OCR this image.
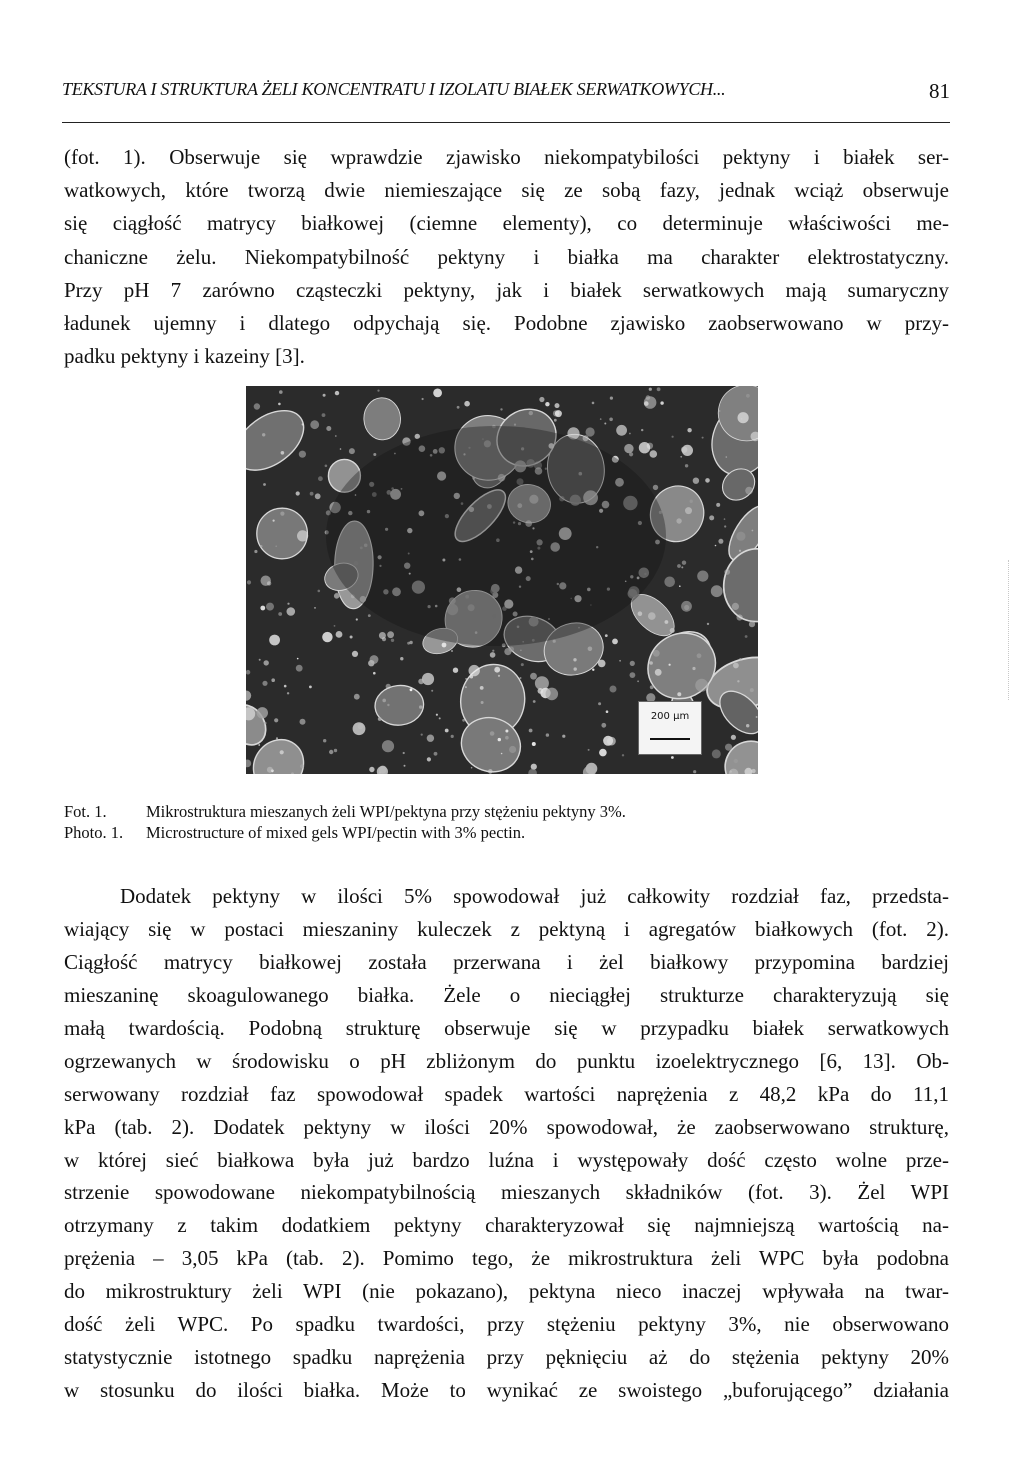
TEKSTURA I STRUKTURA ŻELI KONCENTRATU I IZOLATU BIAŁEK SERWATKOWYCH...	81
(fot. 1). Obserwuje się wprawdzie zjawisko niekompatybilości pektyny i białek ser-
watkowych, które tworzą dwie niemieszające się ze sobą fazy, jednak wciąż obserwuje
się ciągłość matrycy białkowej (ciemne elementy), co determinuje właściwości me-
chaniczne żelu. Niekompatybilność pektyny i białka ma charakter elektrostatyczny.
Przy pH 7 zarówno cząsteczki pektyny, jak i białek serwatkowych mają sumaryczny
ładunek ujemny i dlatego odpychają się. Podobne zjawisko zaobserwowano w przy-
padku pektyny i kazeiny [3].
200 µm
Fot. 1.	Mikrostruktura mieszanych żeli WPI/pektyna przy stężeniu pektyny 3%.
Photo. 1.	Microstructure of mixed gels WPI/pectin with 3% pectin.
Dodatek pektyny w ilości 5% spowodował już całkowity rozdział faz, przedsta-
wiający się w postaci mieszaniny kuleczek z pektyną i agregatów białkowych (fot. 2).
Ciągłość matrycy białkowej została przerwana i żel białkowy przypomina bardziej
mieszaninę skoagulowanego białka. Żele o nieciągłej strukturze charakteryzują się
małą twardością. Podobną strukturę obserwuje się w przypadku białek serwatkowych
ogrzewanych w środowisku o pH zbliżonym do punktu izoelektrycznego [6, 13]. Ob-
serwowany rozdział faz spowodował spadek wartości naprężenia z 48,2 kPa do 11,1
kPa (tab. 2). Dodatek pektyny w ilości 20% spowodował, że zaobserwowano strukturę,
w której sieć białkowa była już bardzo luźna i występowały dość często wolne prze-
strzenie spowodowane niekompatybilnością mieszanych składników (fot. 3). Żel WPI
otrzymany z takim dodatkiem pektyny charakteryzował się najmniejszą wartością na-
prężenia – 3,05 kPa (tab. 2). Pomimo tego, że mikrostruktura żeli WPC była podobna
do mikrostruktury żeli WPI (nie pokazano), pektyna nieco inaczej wpływała na twar-
dość żeli WPC. Po spadku twardości, przy stężeniu pektyny 3%, nie obserwowano
statystycznie istotnego spadku naprężenia przy pęknięciu aż do stężenia pektyny 20%
w stosunku do ilości białka. Może to wynikać ze swoistego „buforującego” działania
